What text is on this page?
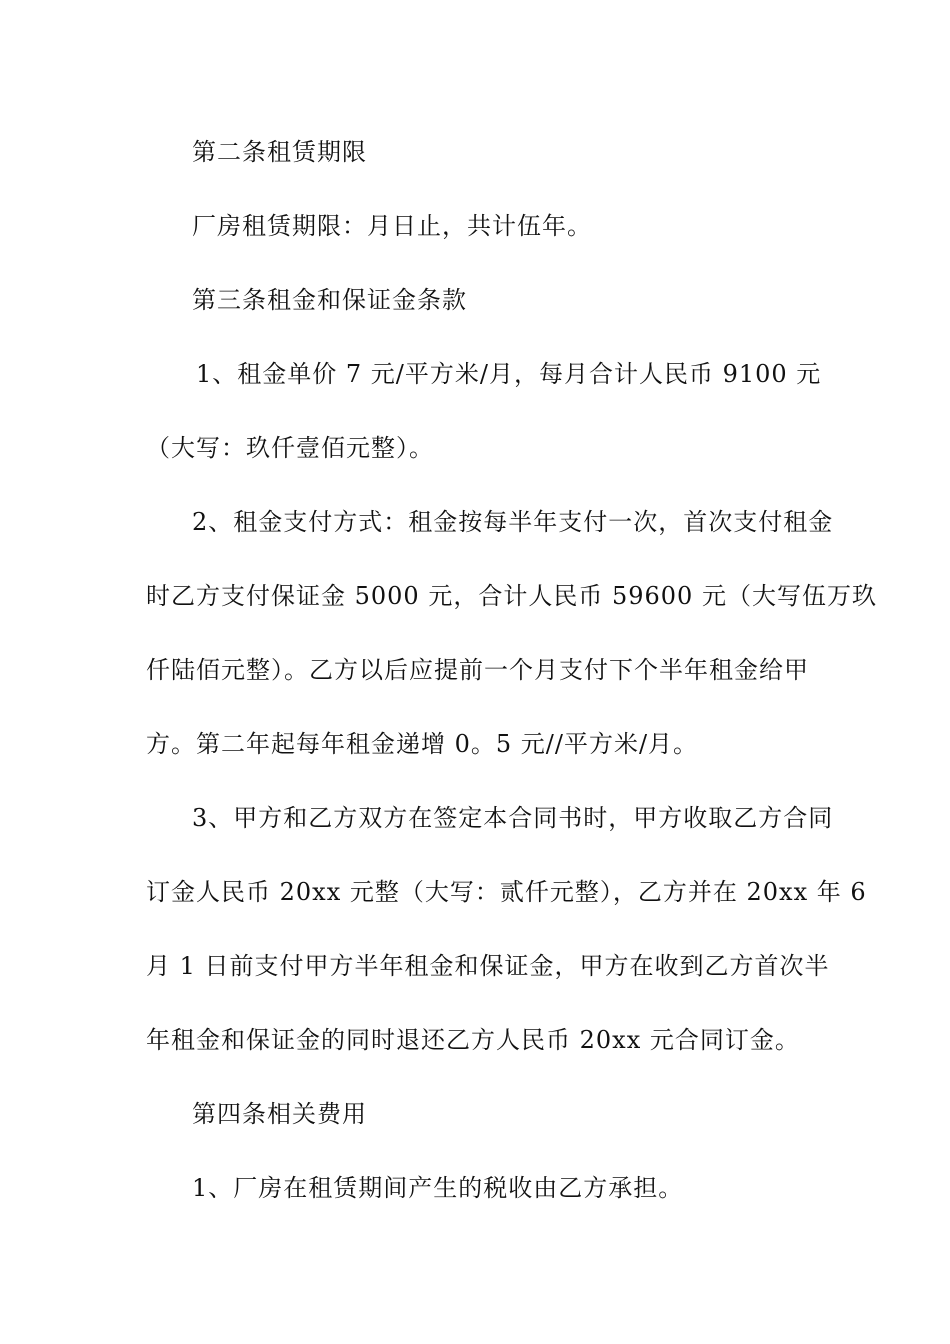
第二条租赁期限
厂房租赁期限：月日止，共计伍年。
第三条租金和保证金条款
1、租金单价 7 元/平方米/月，每月合计人民币 9100 元
（大写：玖仟壹佰元整）。
2、租金支付方式：租金按每半年支付一次，首次支付租金
时乙方支付保证金 5000 元，合计人民币 59600 元（大写伍万玖
仟陆佰元整）。乙方以后应提前一个月支付下个半年租金给甲
方。第二年起每年租金递增 0。5 元//平方米/月。
3、甲方和乙方双方在签定本合同书时，甲方收取乙方合同
订金人民币 20xx 元整（大写：贰仟元整），乙方并在 20xx 年 6
月 1 日前支付甲方半年租金和保证金，甲方在收到乙方首次半
年租金和保证金的同时退还乙方人民币 20xx 元合同订金。
第四条相关费用
1、厂房在租赁期间产生的税收由乙方承担。
